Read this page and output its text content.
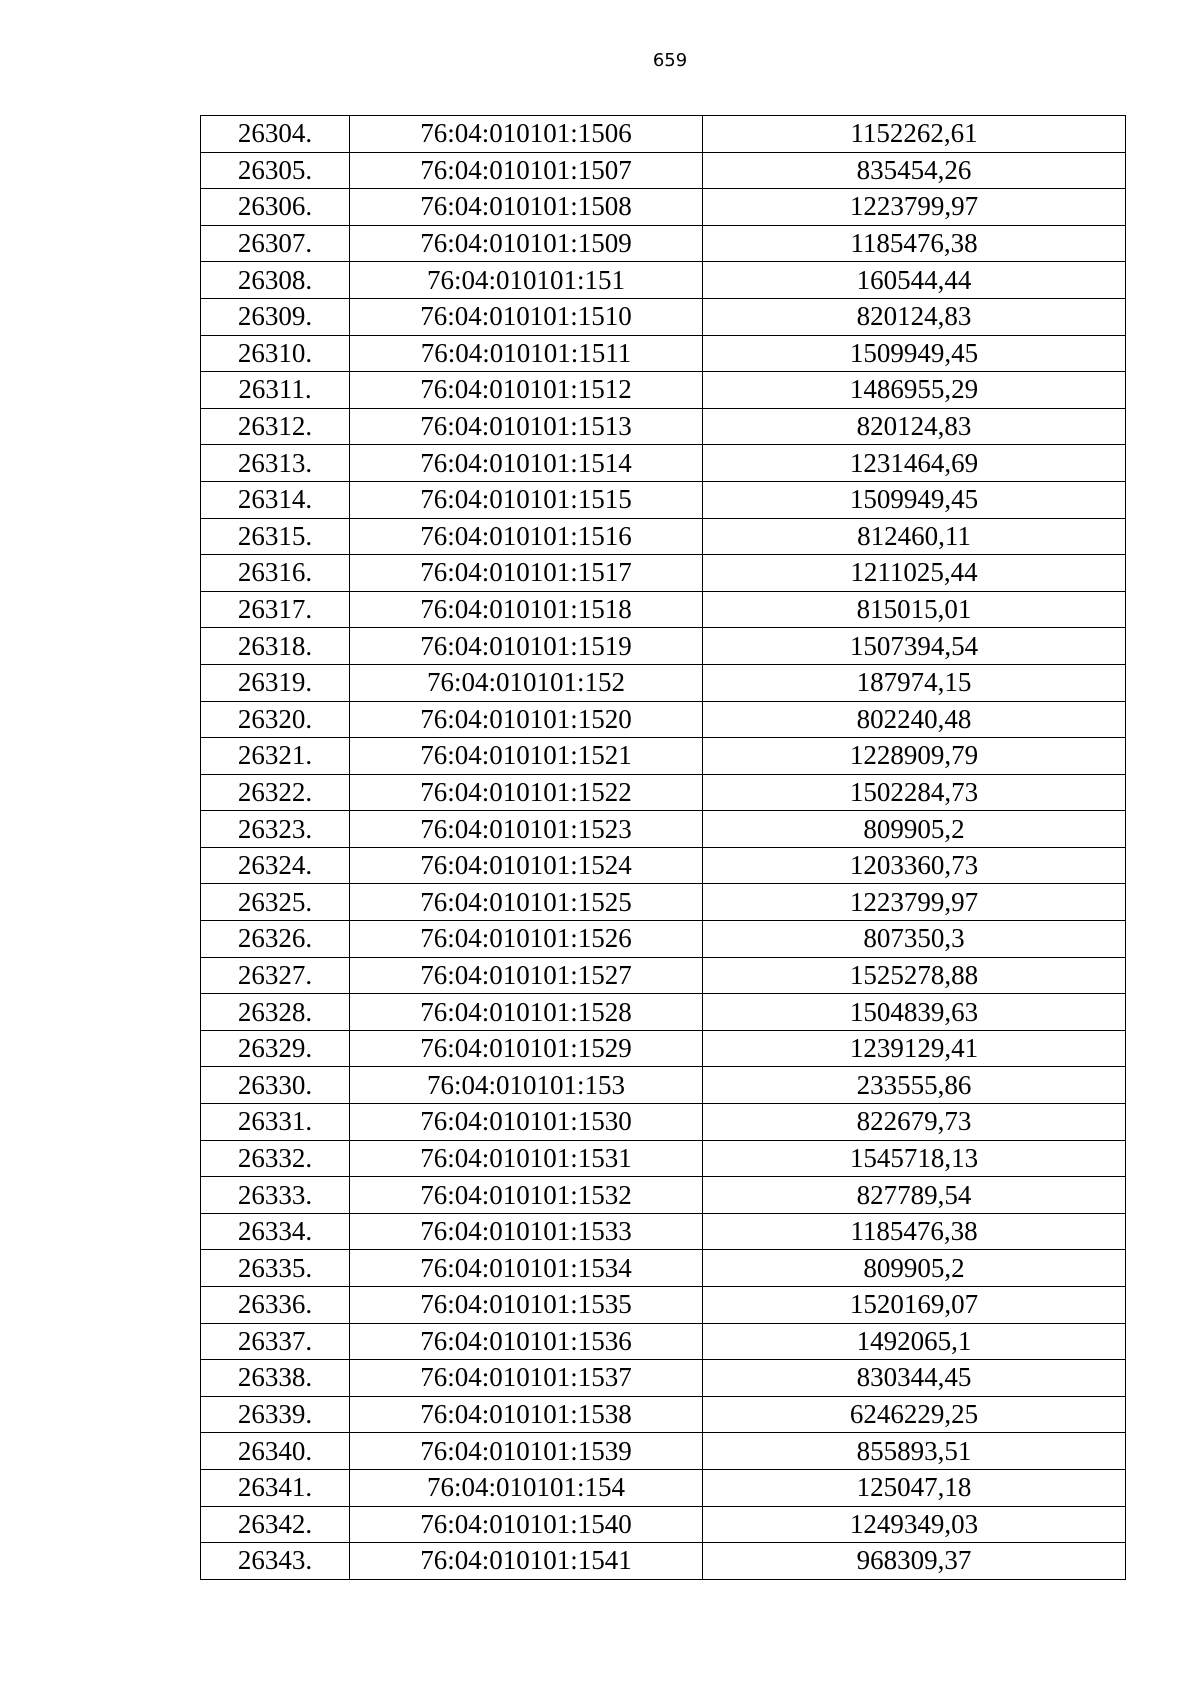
659
26304.	76:04:010101:1506	1152262,61
26305.	76:04:010101:1507	835454,26
26306.	76:04:010101:1508	1223799,97
26307.	76:04:010101:1509	1185476,38
26308.	76:04:010101:151	160544,44
26309.	76:04:010101:1510	820124,83
26310.	76:04:010101:1511	1509949,45
26311.	76:04:010101:1512	1486955,29
26312.	76:04:010101:1513	820124,83
26313.	76:04:010101:1514	1231464,69
26314.	76:04:010101:1515	1509949,45
26315.	76:04:010101:1516	812460,11
26316.	76:04:010101:1517	1211025,44
26317.	76:04:010101:1518	815015,01
26318.	76:04:010101:1519	1507394,54
26319.	76:04:010101:152	187974,15
26320.	76:04:010101:1520	802240,48
26321.	76:04:010101:1521	1228909,79
26322.	76:04:010101:1522	1502284,73
26323.	76:04:010101:1523	809905,2
26324.	76:04:010101:1524	1203360,73
26325.	76:04:010101:1525	1223799,97
26326.	76:04:010101:1526	807350,3
26327.	76:04:010101:1527	1525278,88
26328.	76:04:010101:1528	1504839,63
26329.	76:04:010101:1529	1239129,41
26330.	76:04:010101:153	233555,86
26331.	76:04:010101:1530	822679,73
26332.	76:04:010101:1531	1545718,13
26333.	76:04:010101:1532	827789,54
26334.	76:04:010101:1533	1185476,38
26335.	76:04:010101:1534	809905,2
26336.	76:04:010101:1535	1520169,07
26337.	76:04:010101:1536	1492065,1
26338.	76:04:010101:1537	830344,45
26339.	76:04:010101:1538	6246229,25
26340.	76:04:010101:1539	855893,51
26341.	76:04:010101:154	125047,18
26342.	76:04:010101:1540	1249349,03
26343.	76:04:010101:1541	968309,37
